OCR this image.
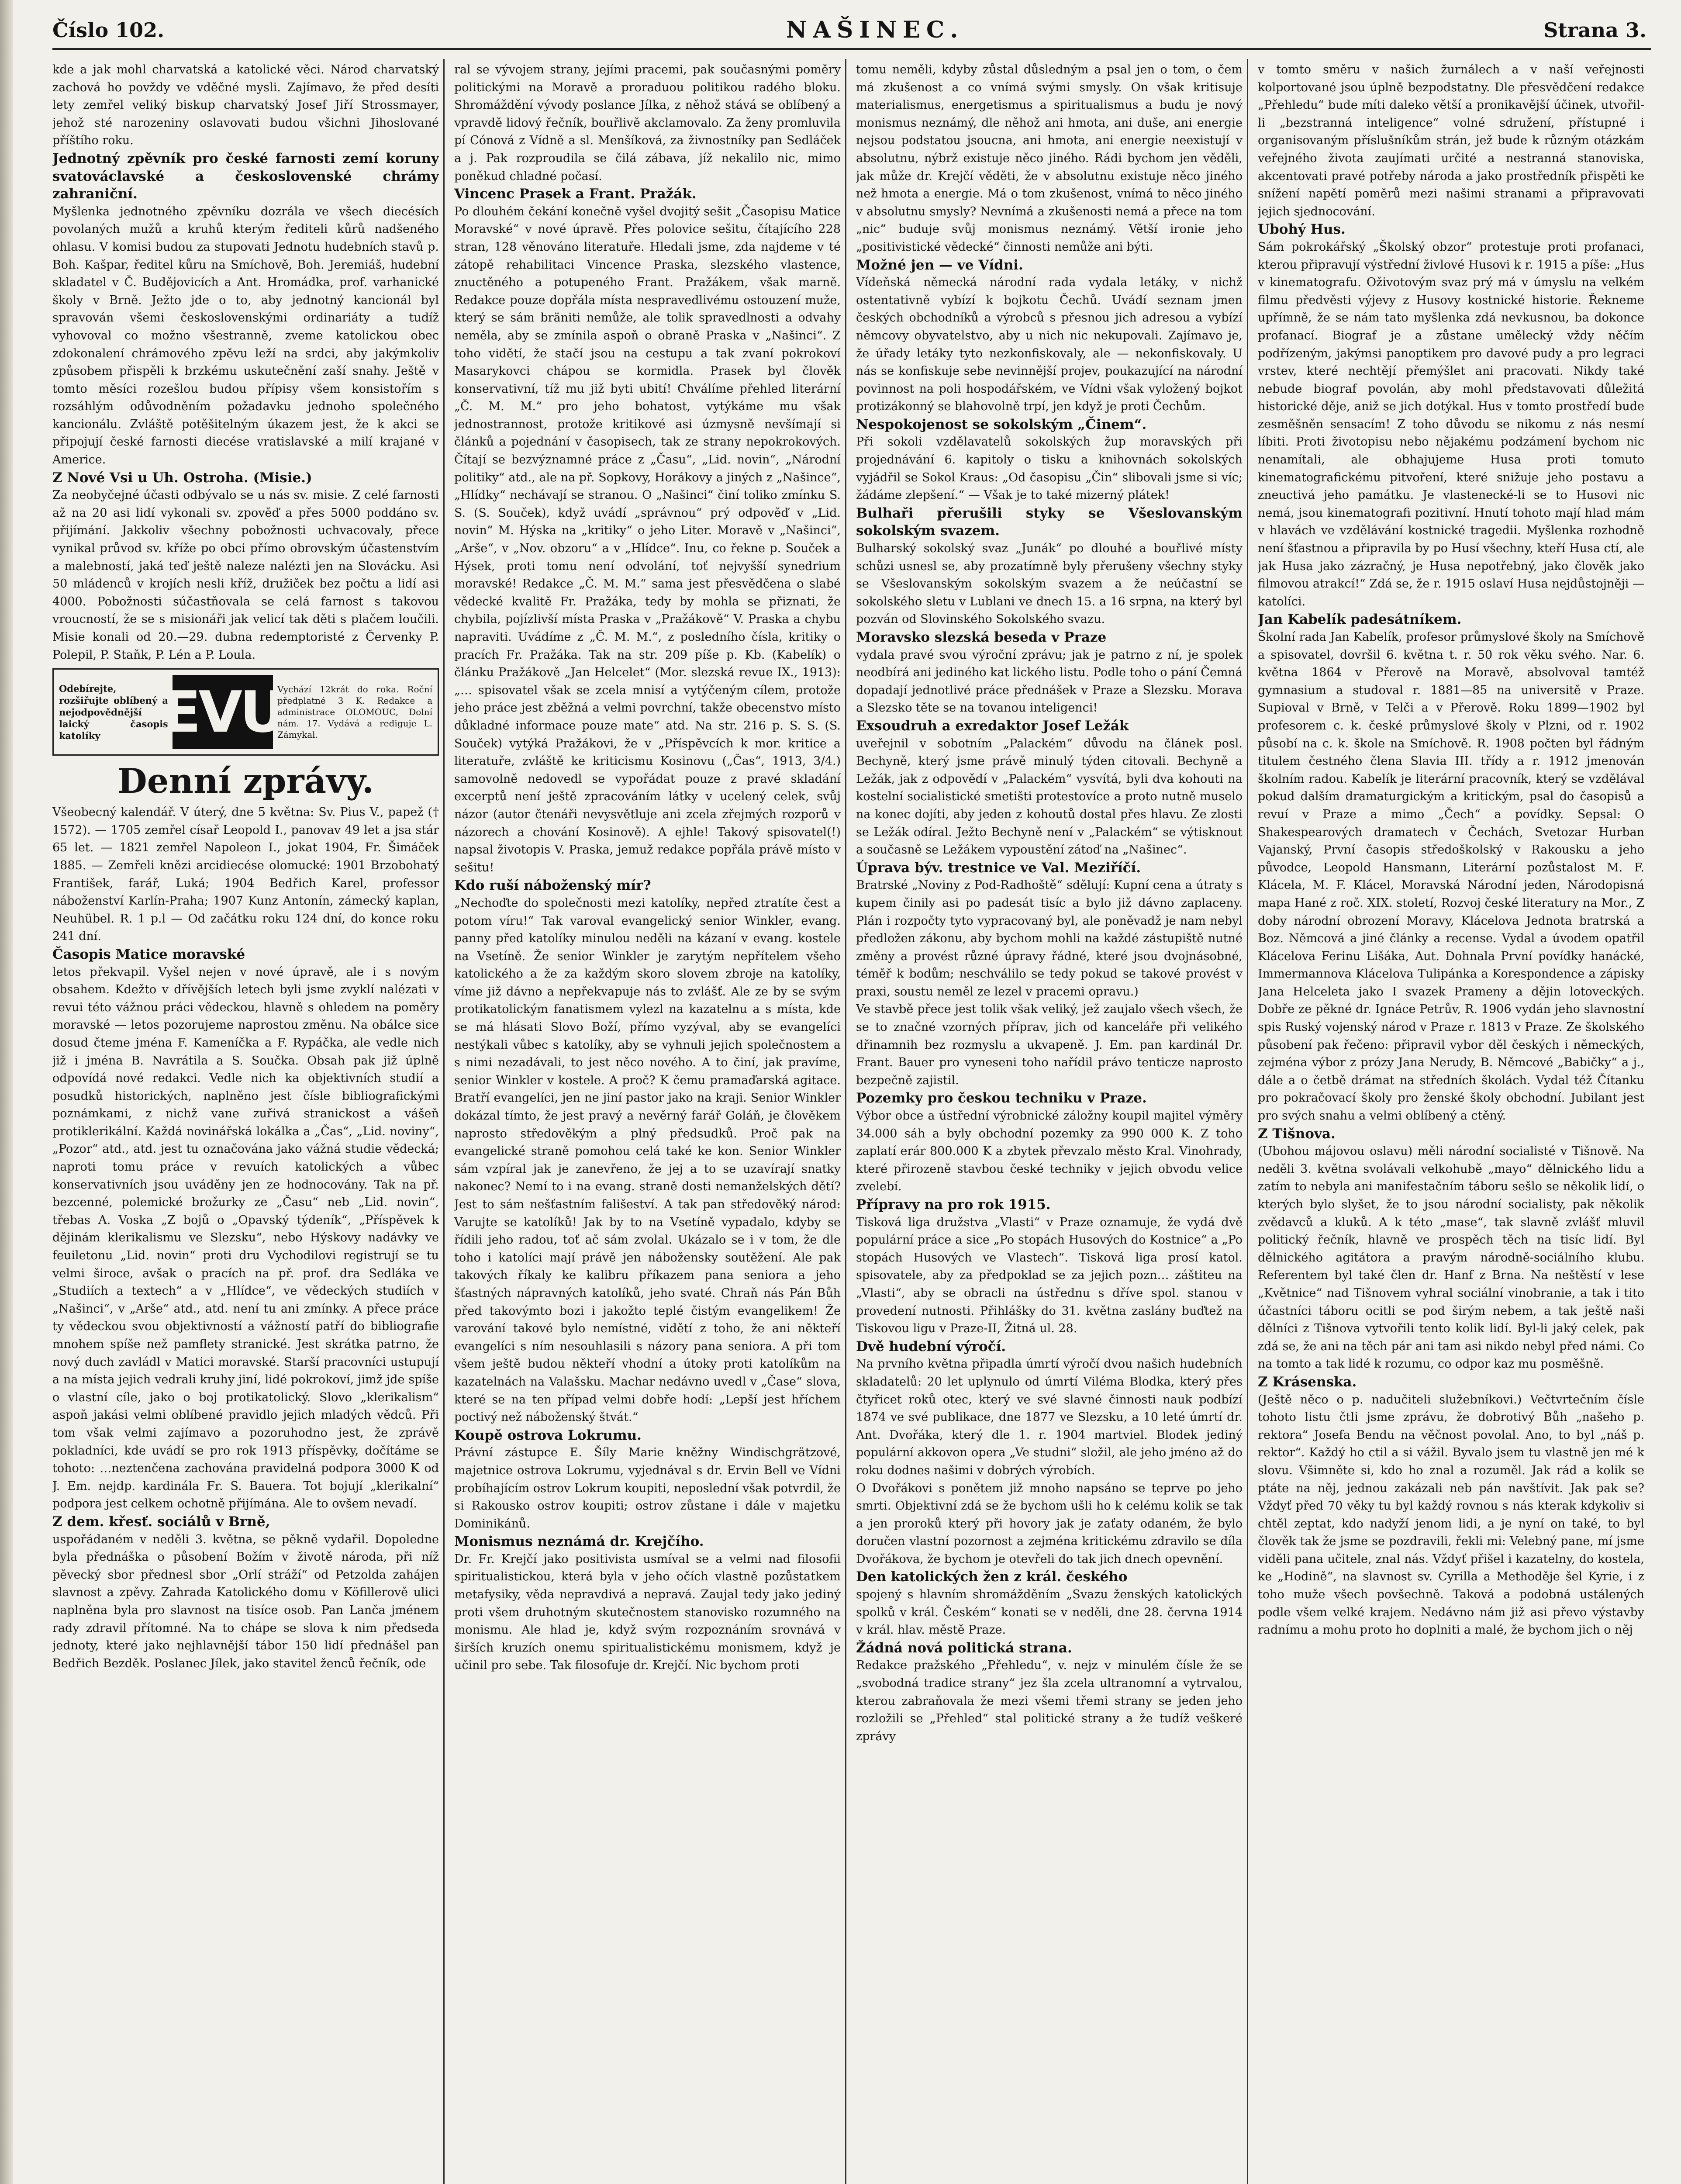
Číslo 102.	NAŠINEC.	Strana 3.

kde a jak mohl charvatská a katolické věci. Národ charvatský zachová ho povždy ve vděčné mysli. Zajímavo, že před desíti lety zemřel veliký biskup charvatský Josef Jiří Strossmayer, jehož sté narozeniny oslavovati budou všichni Jihoslované příštího roku.

Jednotný zpěvník pro české farnosti zemí koruny svatováclavské a československé chrámy zahraniční.

Myšlenka jednotného zpěvníku dozrála ve všech diecésích povolaných mužů a kruhů kterým řediteli kůrů nadšeného ohlasu. V komisi budou za stupovati Jednotu hudebních stavů p. Boh. Kašpar, ředitel kůru na Smíchově, Boh. Jeremiáš, hudební skladatel v Č. Budějovicích a Ant. Hromádka, prof. varhanické školy v Brně. Ježto jde o to, aby jednotný kancionál byl spravován všemi československými ordinariáty a tudíž vyhovoval co možno všestranně, zveme katolickou obec zdokonalení chrámového zpěvu leží na srdci, aby jakýmkoliv způsobem přispěli k brzkému uskutečnění zaší snahy. Ještě v tomto měsíci rozešlou budou přípisy všem konsistořím s rozsáhlým odůvodněním požadavku jednoho společného kancionálu. Zvláště potěšitelným úkazem jest, že k akci se připojují české farnosti diecése vratislavské a milí krajané v Americe.

Z Nové Vsi u Uh. Ostroha. (Misie.)

Za neobyčejné účasti odbývalo se u nás sv. misie. Z celé farnosti až na 20 asi lidí vykonali sv. zpověď a přes 5000 poddáno sv. přijímání. Jakkoliv všechny pobožnosti uchvacovaly, přece vynikal průvod sv. kříže po obci přímo obrovským účastenstvím a malebností, jaká teď ještě naleze nalézti jen na Slovácku. Asi 50 mládenců v krojích nesli kříž, družiček bez počtu a lidí asi 4000. Pobožnosti súčastňovala se celá farnost s takovou vroucností, že se s misionáři jak velicí tak děti s plačem loučili. Misie konali od 20.—29. dubna redemptoristé z Červenky P. Polepil, P. Staňk, P. Lén a P. Loula.

Odebírejte, rozšiřujte oblíbený a nejodpovědnější laický časopis katolíky	EVU
Vychází 12krát do roka. Roční předplatné 3 K. Redakce a administrace OLOMOUC, Dolní nám. 17. Vydává a rediguje L. Zámykal.
Denní zprávy.

Všeobecný kalendář. V úterý, dne 5 května: Sv. Pius V., papež († 1572). — 1705 zemřel císař Leopold I., panovav 49 let a jsa stár 65 let. — 1821 zemřel Napoleon I., jokat 1904, Fr. Šimáček 1885. — Zemřeli knězi arcidiecése olomucké: 1901 Brzobohatý František, farář, Luká; 1904 Bedřich Karel, professor náboženství Karlín-Praha; 1907 Kunz Antonín, zámecký kaplan, Neuhübel. R. 1 p.l — Od začátku roku 124 dní, do konce roku 241 dní.

Časopis Matice moravské

letos překvapil. Vyšel nejen v nové úpravě, ale i s novým obsahem. Kdežto v dřívějších letech byli jsme zvyklí nalézati v revui této vážnou práci vědeckou, hlavně s ohledem na poměry moravské — letos pozorujeme naprostou změnu. Na obálce sice dosud čteme jména F. Kameníčka a F. Rypáčka, ale vedle nich již i jména B. Navrátila a S. Součka. Obsah pak již úplně odpovídá nové redakci. Vedle nich ka objektivních studií a posudků historických, naplněno jest čísle bibliografickými poznámkami, z nichž vane zuřivá stranickost a vášeň protiklerikální. Každá novinářská lokálka a „Čas“, „Lid. noviny“, „Pozor“ atd., atd. jest tu označována jako vážná studie vědecká; naproti tomu práce v revuích katolických a vůbec konservativních jsou uváděny jen ze hodnocovány. Tak na př. bezcenné, polemické brožurky ze „Času“ neb „Lid. novin“, třebas A. Voska „Z bojů o „Opavský týdeník“, „Příspěvek k dějinám klerikalismu ve Slezsku“, nebo Hýskovy nadávky ve feuiletonu „Lid. novin“ proti dru Vychodilovi registrují se tu velmi široce, avšak o pracích na př. prof. dra Sedláka ve „Studiích a textech“ a v „Hlídce“, ve vědeckých studiích v „Našinci“, v „Arše“ atd., atd. není tu ani zmínky. A přece práce ty vědeckou svou objektivností a vážností patří do bibliografie mnohem spíše než pamflety stranické. Jest skrátka patrno, že nový duch zavládl v Matici moravské. Starší pracovníci ustupují a na místa jejich vedrali kruhy jiní, lidé pokrokoví, jimž jde spíše o vlastní cíle, jako o boj protikatolický. Slovo „klerikalism“ aspoň jakási velmi oblíbené pravidlo jejich mladých vědců. Při tom však velmi zajímavo a pozoruhodno jest, že zprávě pokladníci, kde uvádí se pro rok 1913 příspěvky, dočítáme se tohoto: …neztenčena zachována pravidelná podpora 3000 K od J. Em. nejdp. kardinála Fr. S. Bauera. Tot bojují „klerikalní“ podpora jest celkem ochotně přijímána. Ale to ovšem nevadí.

Z dem. křesť. sociálů v Brně,

uspořádaném v neděli 3. května, se pěkně vydařil. Dopoledne byla přednáška o působení Božím v životě národa, při níž pěvecký sbor přednesl sbor „Orlí stráží“ od Petzolda zahájen slavnost a zpěvy. Zahrada Katolického domu v Köfillerově ulici naplněna byla pro slavnost na tisíce osob. Pan Lanča jménem rady zdravil přítomné. Na to chápe se slova k nim předseda jednoty, které jako nejhlavnější tábor 150 lidí přednášel pan Bedřich Bezděk. Poslanec Jílek, jako stavitel ženců řečník, ode

ral se vývojem strany, jejími pracemi, pak současnými poměry politickými na Moravě a proraduou politikou radého bloku. Shromáždění vývody poslance Jílka, z něhož stává se oblíbený a vpravdě lidový řečník, bouřlivě akclamovalo. Za ženy promluvila pí Cónová z Vídně a sl. Menšíková, za živnostníky pan Sedláček a j. Pak rozproudila se čilá zábava, jíž nekalilo nic, mimo poněkud chladné počasí.

Vincenc Prasek a Frant. Pražák.

Po dlouhém čekání konečně vyšel dvojitý sešit „Časopisu Matice Moravské“ v nové úpravě. Přes polovice sešitu, čítajícího 228 stran, 128 věnováno literatuře. Hledali jsme, zda najdeme v té zátopě rehabilitaci Vincence Praska, slezského vlastence, znuctěného a potupeného Frant. Pražákem, však marně. Redakce pouze dopřála místa nespravedlivému ostouzení muže, který se sám bräniti nemůže, ale tolik spravedlnosti a odvahy neměla, aby se zmínila aspoň o obraně Praska v „Našinci“. Z toho vidětí, že stačí jsou na cestupu a tak zvaní pokrokoví Masarykovci chápou se kormidla. Prasek byl člověk konservativní, tíž mu již byti ubití! Chválíme přehled literární „Č. M. M.“ pro jeho bohatost, vytýkáme mu však jednostrannost, protože kritikové asi úzmysně nevšímají si článků a pojednání v časopisech, tak ze strany nepokrokových. Čítají se bezvýznamné práce z „Času“, „Lid. novin“, „Národní politiky“ atd., ale na př. Sopkovy, Horákovy a jiných z „Našince“, „Hlídky“ nechávají se stranou. O „Našinci“ činí toliko zmínku S. S. (S. Souček), když uvádí „správnou“ prý odpověď v „Lid. novin“ M. Hýska na „kritiky“ o jeho Liter. Moravě v „Našinci“, „Arše“, v „Nov. obzoru“ a v „Hlídce“. Inu, co řekne p. Souček a Hýsek, proti tomu není odvolání, toť nejvyšší synedrium moravské! Redakce „Č. M. M.“ sama jest přesvědčena o slabé vědecké kvalitě Fr. Pražáka, tedy by mohla se přiznati, že chybila, pojízlivší místa Praska v „Pražákově“ V. Praska a chybu napraviti. Uvádíme z „Č. M. M.“, z posledního čísla, kritiky o pracích Fr. Pražáka. Tak na str. 209 píše p. Kb. (Kabelík) o článku Pražákově „Jan Helcelet“ (Mor. slezská revue IX., 1913): „… spisovatel však se zcela mnisí a vytýčeným cílem, protože jeho práce jest zběžná a velmi povrchní, takže obecenstvo místo důkladné informace pouze mate“ atd. Na str. 216 p. S. S. (S. Souček) vytýká Pražákovi, že v „Příspěvcích k mor. kritice a literatuře, zvláště ke kriticismu Kosinovu („Čas“, 1913, 3/4.) samovolně nedovedl se vypořádat pouze z pravé skladání excerptů není ještě zpracováním látky v ucelený celek, svůj názor (autor čtenáři nevysvětluje ani zcela zřejmých rozporů v názorech a chování Kosinově). A ejhle! Takový spisovatel(!) napsal životopis V. Praska, jemuž redakce popřála právě místo v sešitu!

Kdo ruší náboženský mír?

„Nechoďte do společnosti mezi katolíky, nepřed ztratíte čest a potom víru!“ Tak varoval evangelický senior Winkler, evang. panny před katolíky minulou neděli na kázaní v evang. kostele na Vsetíně. Že senior Winkler je zarytým nepřítelem všeho katolického a že za každým skoro slovem zbroje na katolíky, víme již dávno a nepřekvapuje nás to zvlášť. Ale ze by se svým protikatolickým fanatismem vylezl na kazatelnu a s místa, kde se má hlásati Slovo Boží, přímo vyzýval, aby se evangelíci nestýkali vůbec s katolíky, aby se vyhnuli jejich společnostem a s nimi nezadávali, to jest něco nového. A to činí, jak pravíme, senior Winkler v kostele. A proč? K čemu pramaďarská agitace. Bratří evangelíci, jen ne jiní pastor jako na kraji. Senior Winkler dokázal tímto, že jest pravý a nevěrný farář Goláň, je člověkem naprosto středověkým a plný předsudků. Proč pak na evangelické straně pomohou celá také ke kon. Senior Winkler sám vzpíral jak je zanevřeno, že jej a to se uzavírají snatky nakonec? Nemí to i na evang. straně dosti nemanželských dětí? Jest to sám nešťastním fališeství. A tak pan středověký národ: Varujte se katolíků! Jak by to na Vsetíně vypadalo, kdyby se řídili jeho radou, toť ač sám zvolal. Ukázalo se i v tom, že dle toho i katolíci mají právě jen nábožensky soutěžení. Ale pak takových říkaly ke kalibru příkazem pana seniora a jeho šťastných nápravných katolíků, jeho svaté. Chraň nás Pán Bůh před takovýmto bozi i jakožto teplé čistým evangelikem! Že varování takové bylo nemístné, vidětí z toho, že ani někteří evangelíci s ním nesouhlasili s názory pana seniora. A při tom všem ještě budou někteří vhodní a útoky proti katolíkům na kazatelnách na Valašsku. Machar nedávno uvedl v „Čase“ slova, které se na ten případ velmi dobře hodí: „Lepší jest hříchem poctivý než náboženský štvát.“

Koupě ostrova Lokrumu.

Právní zástupce E. Šíly Marie kněžny Windischgrätzové, majetnice ostrova Lokrumu, vyjednával s dr. Ervin Bell ve Vídni probíhajícím ostrov Lokrum koupiti, neposlední však potvrdil, že si Rakousko ostrov koupiti; ostrov zůstane i dále v majetku Dominikánů.

Monismus neznámá dr. Krejčího.

Dr. Fr. Krejčí jako positivista usmíval se a velmi nad filosofii spiritualistickou, která byla v jeho očích vlastně pozůstatkem metafysiky, věda nepravdivá a nepravá. Zaujal tedy jako jediný proti všem druhotným skutečnostem stanovisko rozumného na monismu. Ale hlad je, když svým rozpoznáním srovnává v širších kruzích onemu spiritualistickému monismem, když je učinil pro sebe. Tak filosofuje dr. Krejčí. Nic bychom proti

tomu neměli, kdyby zůstal důsledným a psal jen o tom, o čem má zkušenost a co vnímá svými smysly. On však kritisuje materialismus, energetismus a spiritualismus a budu je nový monismus neznámý, dle něhož ani hmota, ani duše, ani energie nejsou podstatou jsoucna, ani hmota, ani energie neexistují v absolutnu, nýbrž existuje něco jiného. Rádi bychom jen věděli, jak může dr. Krejčí věděti, že v absolutnu existuje něco jiného než hmota a energie. Má o tom zkušenost, vnímá to něco jiného v absolutnu smysly? Nevnímá a zkušenosti nemá a přece na tom „nic“ buduje svůj monismus neznámý. Větší ironie jeho „positivistické vědecké“ činnosti nemůže ani býti.

Možné jen — ve Vídni.

Vídeňská německá národní rada vydala letáky, v nichž ostentativně vybízí k bojkotu Čechů. Uvádí seznam jmen českých obchodníků a výrobců s přesnou jich adresou a vybízí němcovy obyvatelstvo, aby u nich nic nekupovali. Zajímavo je, že úřady letáky tyto nezkonfiskovaly, ale — nekonfiskovaly. U nás se konfiskuje sebe nevinnější projev, poukazující na národní povinnost na poli hospodářském, ve Vídni však vyložený bojkot protizákonný se blahovolně trpí, jen když je proti Čechům.

Nespokojenost se sokolským „Činem“.

Při sokoli vzdělavatelů sokolských žup moravských při projednávání 6. kapitoly o tisku a knihovnách sokolských vyjádřil se Sokol Kraus: „Od časopisu „Čin“ slibovali jsme si víc; žádáme zlepšení.“ — Však je to také mizerný plátek!

Bulhaři přerušili styky se Všeslovanským sokolským svazem.

Bulharský sokolský svaz „Junák“ po dlouhé a bouřlivé místy schůzi usnesl se, aby prozatímně byly přerušeny všechny styky se Všeslovanským sokolským svazem a že neúčastní se sokolského sletu v Lublani ve dnech 15. a 16 srpna, na který byl pozván od Slovinského Sokolského svazu.

Moravsko slezská beseda v Praze

vydala pravé svou výroční zprávu; jak je patrno z ní, je spolek neodbírá ani jediného kat lického listu. Podle toho o pání Čemná dopadají jednotlivé práce přednášek v Praze a Slezsku. Morava a Slezsko těte se na tovanou inteligenci!

Exsoudruh a exredaktor Josef Ležák

uveřejnil v sobotním „Palackém“ důvodu na článek posl. Bechyně, který jsme právě minulý týden citovali. Bechyně a Ležák, jak z odpovědí v „Palackém“ vysvítá, byli dva kohouti na kostelní socialistické smetišti protestovíce a proto nutně muselo na konec dojíti, aby jeden z kohoutů dostal přes hlavu. Ze zlosti se Ležák odíral. Ježto Bechyně není v „Palackém“ se výtisknout a současně se Ležákem vypoustění zátoď na „Našinec“.

Úprava býv. trestnice ve Val. Meziříčí.

Bratrské „Noviny z Pod-Radhoště“ sdělují: Kupní cena a útraty s kupem činily asi po padesát tisíc a bylo již dávno zaplaceny. Plán i rozpočty tyto vypracovaný byl, ale poněvadž je nam nebyl předložen zákonu, aby bychom mohli na každé zástupiště nutné změny a provést různé úpravy řádné, které jsou dvojnásobné, téměř k bodům; neschválilo se tedy pokud se takové provést v praxi, soustu neměl ze lezel v pracemi opravu.)

Ve stavbě přece jest tolik však veliký, jež zaujalo všech všech, že se to značné vzorných příprav, jich od kanceláře při velikého dřinamnih bez rozmyslu a ukvapeně. J. Em. pan kardinál Dr. Frant. Bauer pro vyneseni toho nařídil právo tenticze naprosto bezpečně zajistil.

Pozemky pro českou techniku v Praze.

Výbor obce a ústřední výrobnické záložny koupil majitel výměry 34.000 sáh a byly obchodní pozemky za 990 000 K. Z toho zaplatí erár 800.000 K a zbytek převzalo město Kral. Vinohrady, které přirozeně stavbou české techniky v jejich obvodu velice zvelebí.

Přípravy na pro rok 1915.

Tisková liga družstva „Vlasti“ v Praze oznamuje, že vydá dvě populární práce a sice „Po stopách Husových do Kostnice“ a „Po stopách Husových ve Vlastech“. Tisková liga prosí katol. spisovatele, aby za předpoklad se za jejich pozn… záštiteu na „Vlasti“, aby se obracli na ústřednu s dříve spol. stanou v provedení nutnosti. Přihlášky do 31. května zaslány buďtež na Tiskovou ligu v Praze-II, Žitná ul. 28.

Dvě hudební výročí.

Na prvního května připadla úmrtí výročí dvou našich hudebních skladatelů: 20 let uplynulo od úmrtí Viléma Blodka, který přes čtyřicet roků otec, který ve své slavné činnosti nauk podbízí 1874 ve své publikace, dne 1877 ve Slezsku, a 10 leté úmrtí dr. Ant. Dvořáka, který dle 1. r. 1904 martviel. Blodek jediný populární akkovon opera „Ve studni“ složil, ale jeho jméno až do roku dodnes našimi v dobrých výrobích.

O Dvořákovi s ponětem již mnoho napsáno se teprve po jeho smrti. Objektivní zdá se že bychom ušli ho k celému kolik se tak a jen proroků který při hovory jak je zaťaty odaném, že bylo doručen vlastní pozornost a zejména kritickému zdravilo se díla Dvořákova, že bychom je otevřeli do tak jich dnech opevnění.

Den katolických žen z král. českého

spojený s hlavním shromážděním „Svazu ženských katolických spolků v král. Českém“ konati se v neděli, dne 28. června 1914 v král. hlav. městě Praze.

Žádná nová politická strana.

Redakce pražského „Přehledu“, v. nejz v minulém čísle že se „svobodná tradice strany“ jez šla zcela ultranomní a vytrvalou, kterou zabraňovala že mezi všemi třemi strany se jeden jeho rozložili se „Přehled“ stal politické strany a že tudíž veškeré zprávy

v tomto směru v našich žurnálech a v naší veřejnosti kolportované jsou úplně bezpodstatny. Dle přesvědčení redakce „Přehledu“ bude míti daleko větší a pronikavější účinek, utvořil-li „bezstranná inteligence“ volné sdružení, přístupné i organisovaným příslušníkům strán, jež bude k různým otázkám veřejného života zaujímati určité a nestranná stanoviska, akcentovati pravé potřeby národa a jako prostředník přispěti ke snížení napětí poměrů mezi našimi stranami a připravovati jejich sjednocování.

Ubohý Hus.

Sám pokrokářský „Školský obzor“ protestuje proti profanaci, kterou připravují výstřední živlové Husovi k r. 1915 a píše: „Hus v kinematografu. Oživotovým svaz prý má v úmyslu na velkém filmu předvěsti výjevy z Husovy kostnické historie. Řekneme upřímně, že se nám tato myšlenka zdá nevkusnou, ba dokonce profanací. Biograf je a zůstane umělecký vždy něčím podřízeným, jakýmsi panoptikem pro davové pudy a pro legraci vrstev, které nechtějí přemýšlet ani pracovati. Nikdy také nebude biograf povolán, aby mohl představovati důležitá historické děje, aniž se jich dotýkal. Hus v tomto prostředí bude zesměšněn sensacím! Z toho důvodu se nikomu z nás nesmí líbiti. Proti životopisu nebo nějakému podzámení bychom nic nenamítali, ale obhajujeme Husa proti tomuto kinematografickému pitvoření, které snižuje jeho postavu a zneuctivá jeho památku. Je vlastenecké-li se to Husovi nic nemá, jsou kinematografi pozitivní. Hnutí tohoto mají hlad mám v hlavách ve vzdělávání kostnické tragedii. Myšlenka rozhodně není šťastnou a připravila by po Husí všechny, kteří Husa ctí, ale jak Husa jako zázračný, je Husa nepotřebný, jako člověk jako filmovou atrakcí!“ Zdá se, že r. 1915 oslaví Husa nejdůstojněji — katolíci.

Jan Kabelík padesátníkem.

Školní rada Jan Kabelík, profesor průmyslové školy na Smíchově a spisovatel, dovršil 6. května t. r. 50 rok věku svého. Nar. 6. května 1864 v Přerově na Moravě, absolvoval tamtéž gymnasium a studoval r. 1881—85 na universitě v Praze. Supioval v Brně, v Telči a v Přerově. Roku 1899—1902 byl profesorem c. k. české průmyslové školy v Plzni, od r. 1902 působí na c. k. škole na Smíchově. R. 1908 počten byl řádným titulem čestného člena Slavia III. třídy a r. 1912 jmenován školním radou. Kabelík je literární pracovník, který se vzdělával pokud dalším dramaturgickým a kritickým, psal do časopisů a revuí v Praze a mimo „Čech“ a povídky. Sepsal: O Shakespearových dramatech v Čechách, Svetozar Hurban Vajanský, První časopis středoškolský v Rakousku a jeho původce, Leopold Hansmann, Literární pozůstalost M. F. Klácela, M. F. Klácel, Moravská Národní jeden, Národopisná mapa Hané z roč. XIX. století, Rozvoj české literatury na Mor., Z doby národní obrození Moravy, Klácelova Jednota bratrská a Boz. Němcová a jiné články a recense. Vydal a úvodem opatřil Klácelova Ferinu Lišáka, Aut. Dohnala První povídky hanácké, Immermannova Klácelova Tulipánka a Korespondence a zápisky Jana Helceleta jako I svazek Prameny a dějin lotoveckých. Dobře ze pěkné dr. Ignáce Petrův, R. 1906 vydán jeho slavnostní spis Ruský vojenský národ v Praze r. 1813 v Praze. Ze školského působení pak řečeno: připravil vybor děl českých i německých, zejména výbor z prózy Jana Nerudy, B. Němcové „Babičky“ a j., dále a o četbě drámat na středních školách. Vydal též Čítanku pro pokračovací školy pro ženské školy obchodní. Jubilant jest pro svých snahu a velmi oblíbený a ctěný.

Z Tišnova.

(Ubohou májovou oslavu) měli národní socialisté v Tišnově. Na neděli 3. května svolávali velkohubě „mayo“ dělnického lidu a zatím to nebyla ani manifestačním táboru sešlo se několik lidí, o kterých bylo slyšet, že to jsou národní socialisty, pak několik zvědavců a kluků. A k této „mase“, tak slavně zvlášť mluvil politický řečník, hlavně ve prospěch těch na tisíc lidí. Byl dělnického agitátora a pravým národně-sociálního klubu. Referentem byl také člen dr. Hanf z Brna. Na neštěstí v lese „Květnice“ nad Tišnovem vyhral sociální vinobranie, a tak i tito účastníci táboru ocitli se pod širým nebem, a tak ještě naši dělníci z Tišnova vytvořili tento kolik lidí. Byl-li jaký celek, pak zdá se, že ani na těch pár ani tam asi nikdo nebyl před námi. Co na tomto a tak lidé k rozumu, co odpor kaz mu posměšně.

Z Krásenska.

(Ještě něco o p. nadučiteli služebníkovi.) Večtvrtečním čísle tohoto listu čtli jsme zprávu, že dobrotivý Bůh „našeho p. rektora“ Josefa Bendu na věčnost povolal. Ano, to byl „náš p. rektor“. Každý ho ctil a si vážil. Byvalo jsem tu vlastně jen mé k slovu. Všimněte si, kdo ho znal a rozuměl. Jak rád a kolik se ptáte na něj, jednou zakázali neb pán navštívit. Jak pak se? Vždyť před 70 věky tu byl každý rovnou s nás kterak kdykoliv si chtěl zeptat, kdo nadyží jenom lidi, a je nyní on také, to byl člověk tak že jsme se pozdravili, řekli mi: Velebný pane, mí jsme viděli pana učitele, znal nás. Vždyť přišel i kazatelny, do kostela, ke „Hodině“, na slavnost sv. Cyrilla a Methoděje šel Kyrie, i z toho muže všech povšechně. Taková a podobná ustálených podle všem velké krajem. Nedávno nám již asi převo výstavby radnímu a mohu proto ho doplniti a malé, že bychom jich o něj
